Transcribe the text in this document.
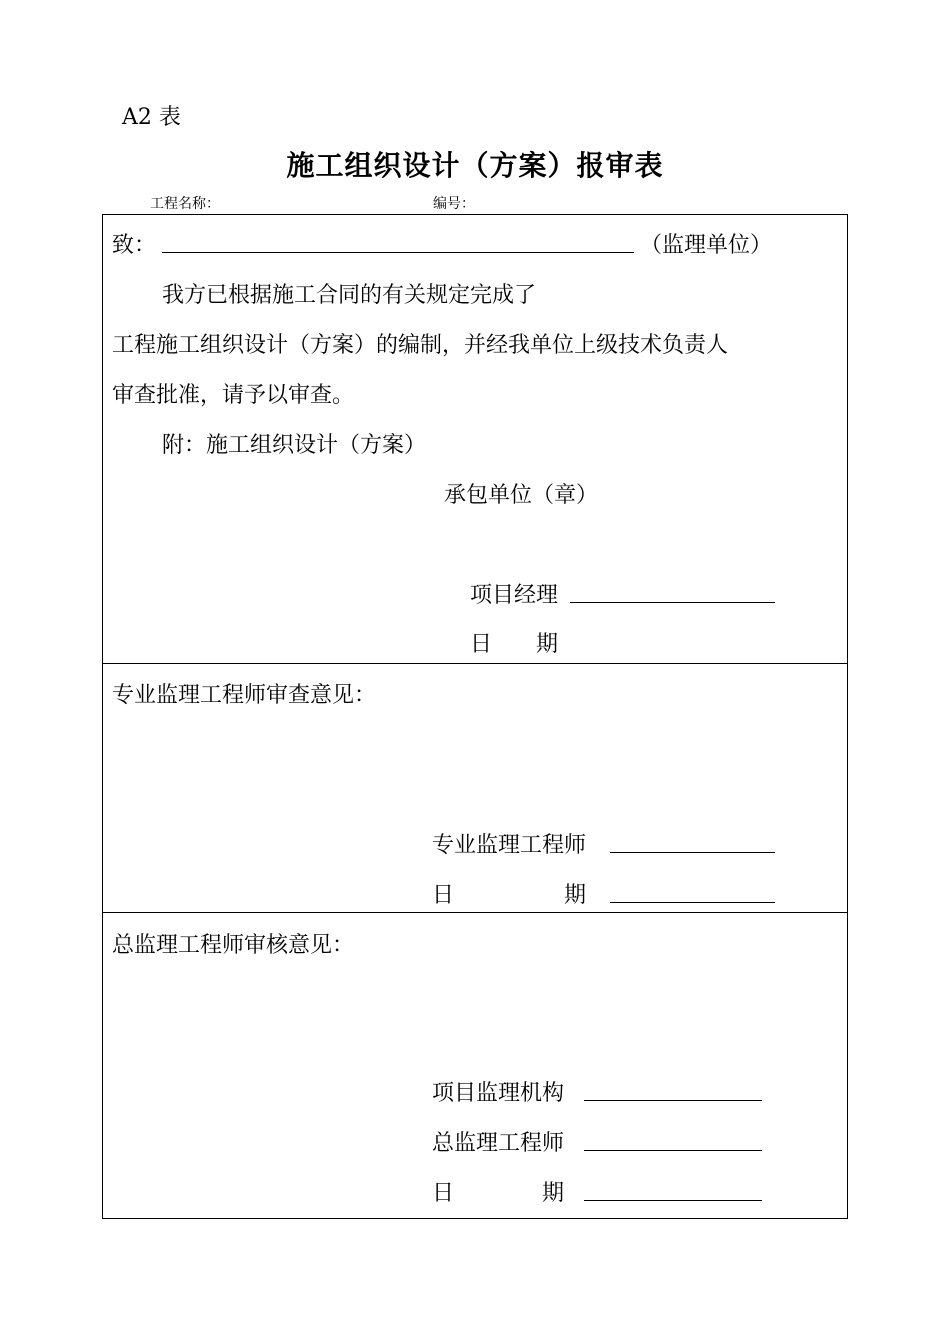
A2 表
施工组织设计（方案）报审表
工程名称：	编号：
致：	（监理单位）
我方已根据施工合同的有关规定完成了
工程施工组织设计（方案）的编制，并经我单位上级技术负责人
审查批准，请予以审查。
附：施工组织设计（方案）
承包单位（章）
项目经理
日　　期
专业监理工程师审查意见：
专业监理工程师
日　　　　　期
总监理工程师审核意见：
项目监理机构
总监理工程师
日　　　　期
